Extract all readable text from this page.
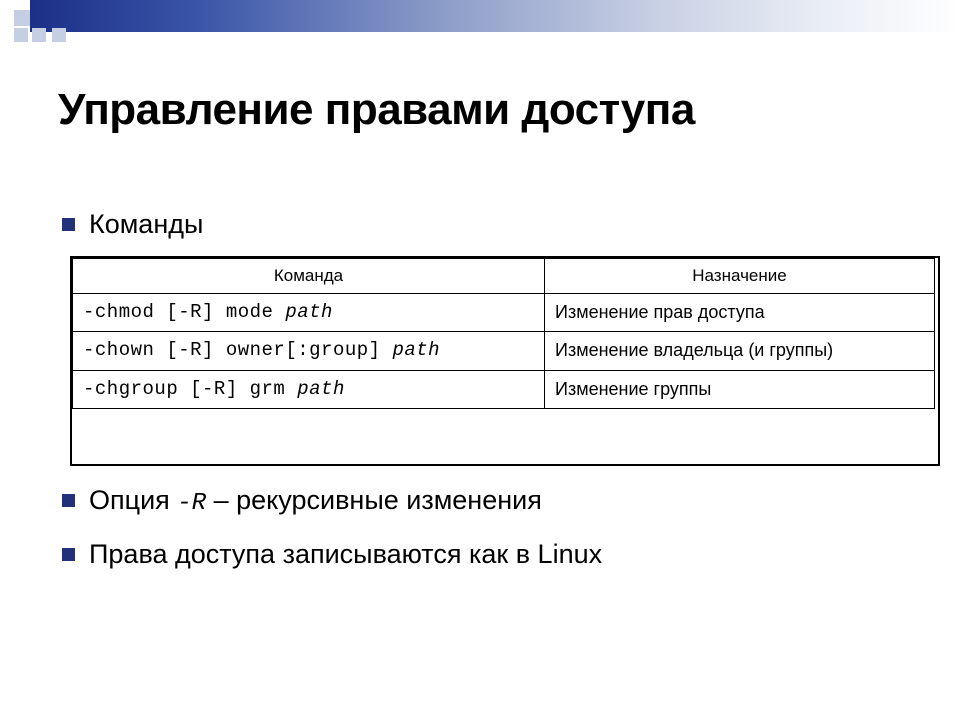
Управление правами доступа
Команды
Команда	Назначение
-chmod [-R] mode path	Изменение прав доступа
-chown [-R] owner[:group] path	Изменение владельца (и группы)
-chgroup [-R] grm path	Изменение группы
Опция -R – рекурсивные изменения
Права доступа записываются как в Linux
